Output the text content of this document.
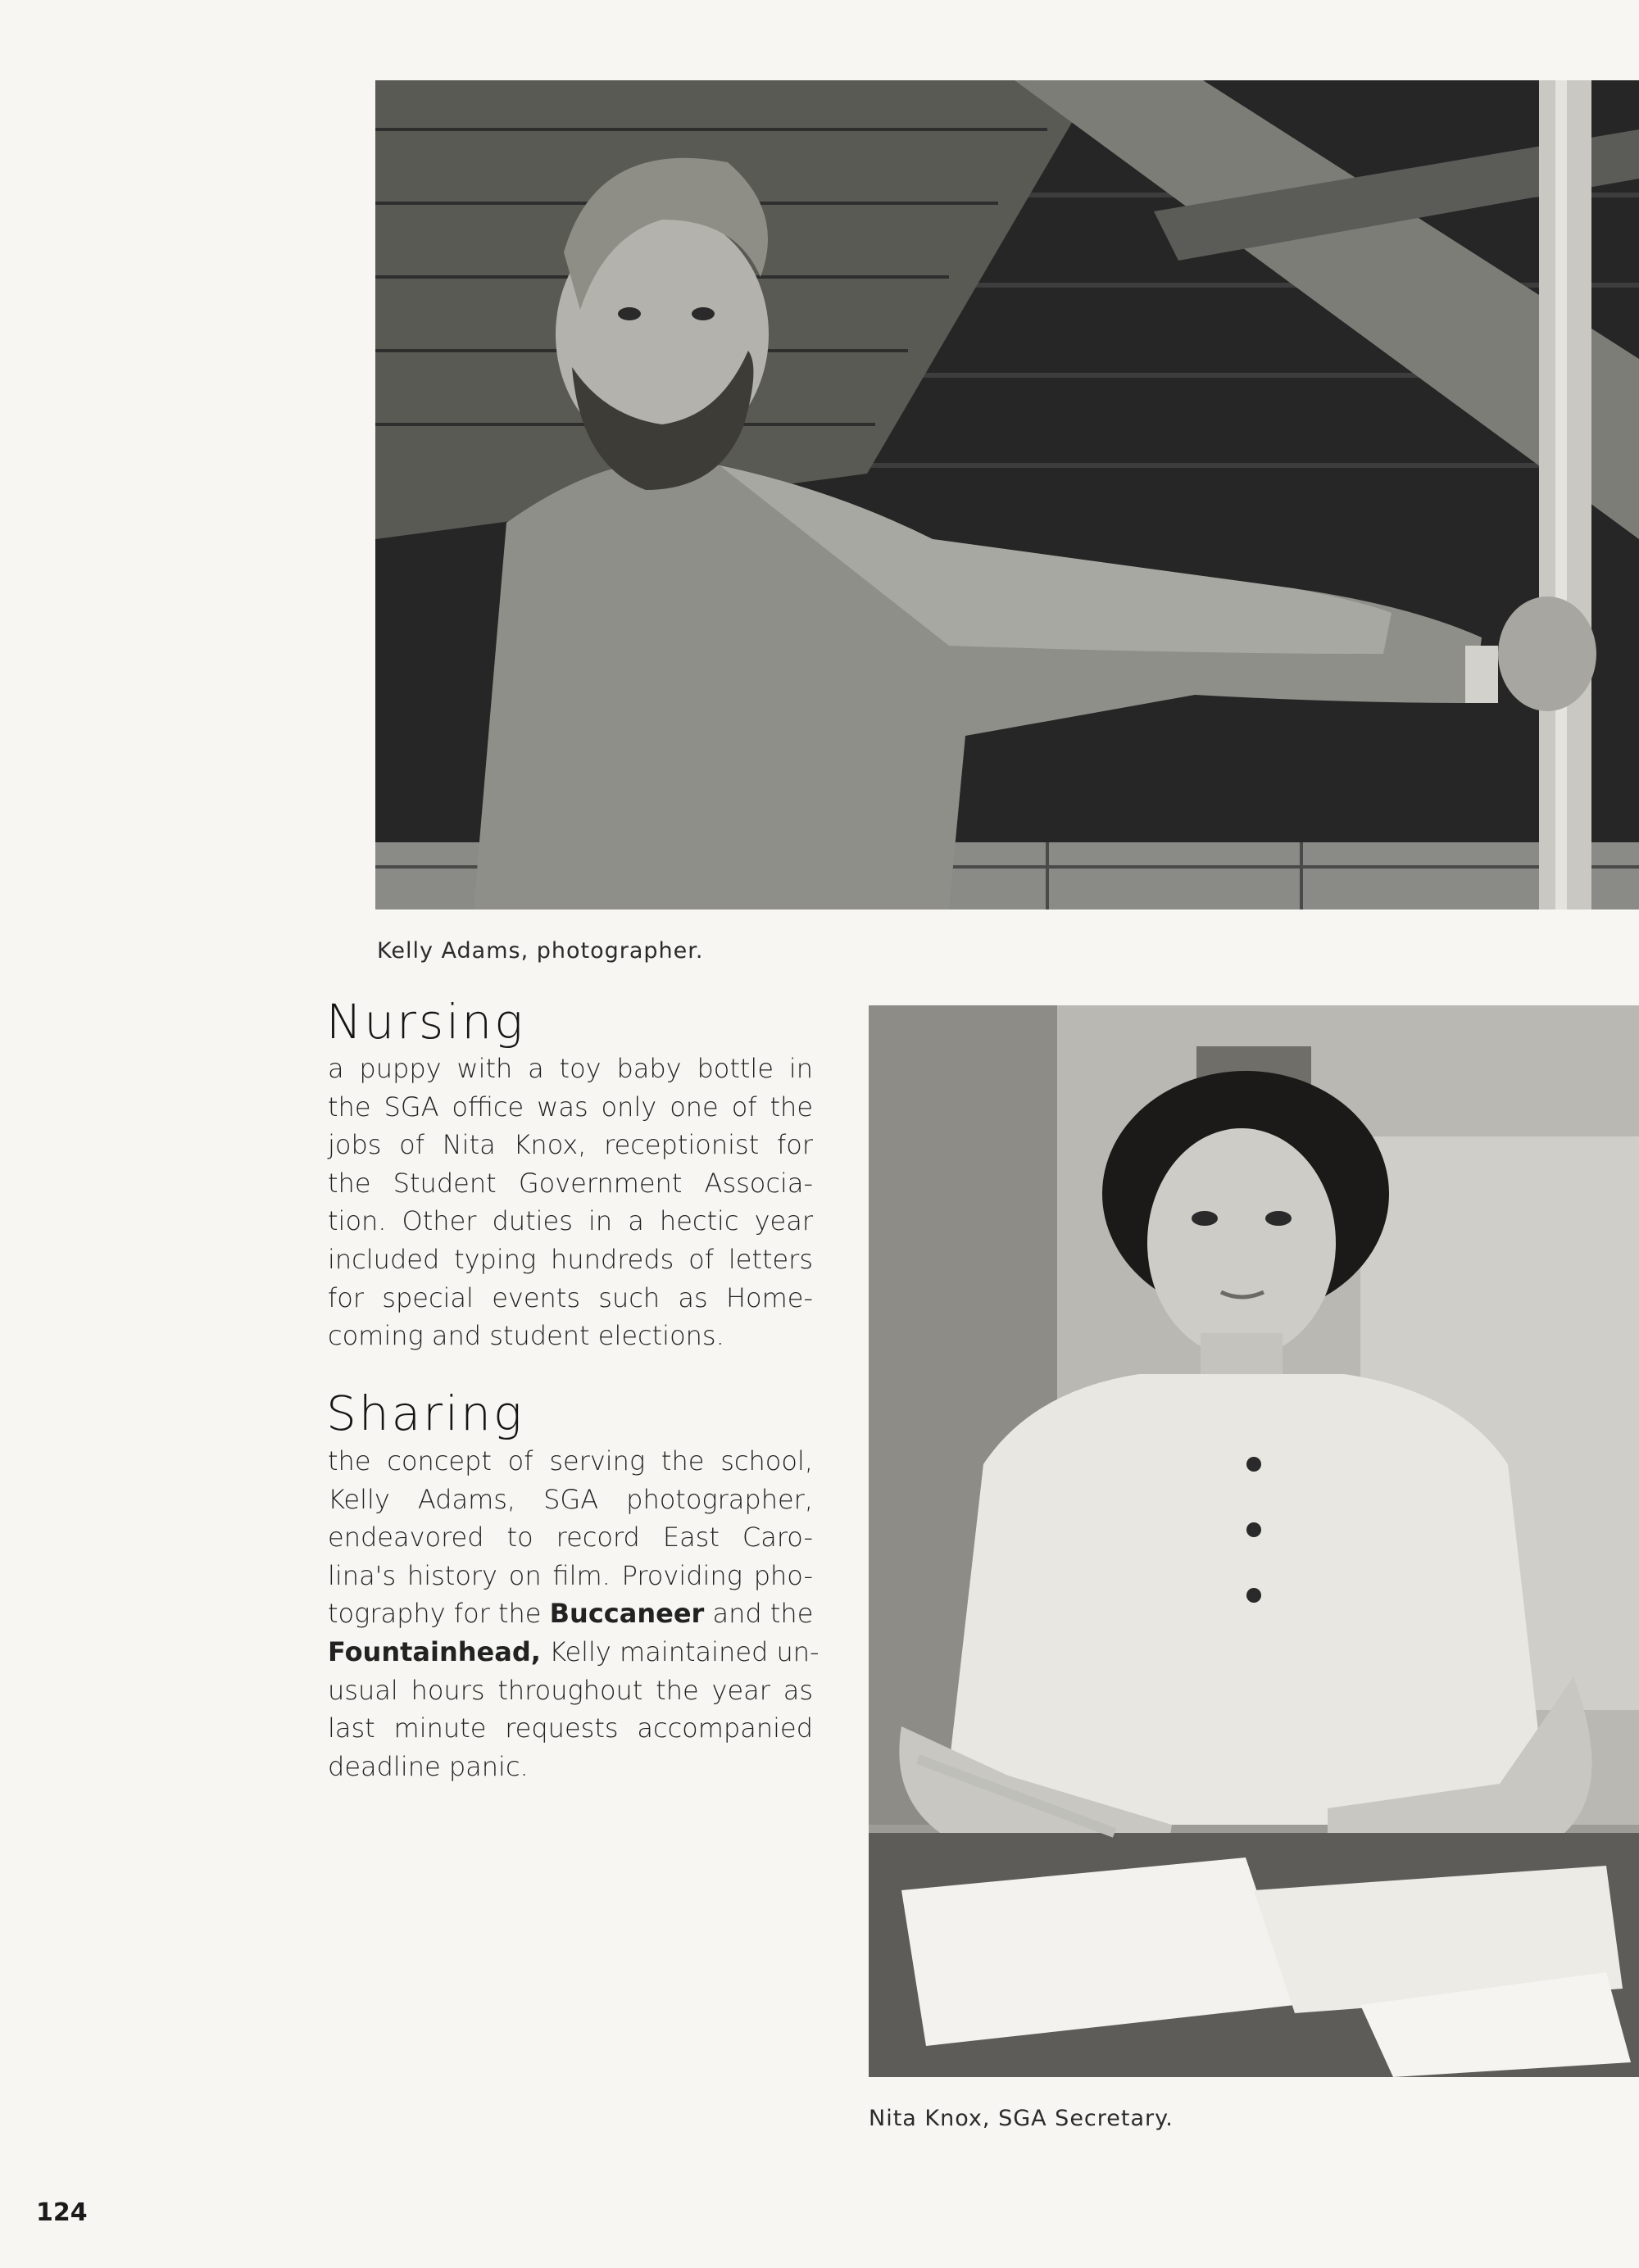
Kelly Adams, photographer.
Nursing
a puppy with a toy baby bottle in
the SGA office was only one of the
jobs of Nita Knox, receptionist for
the Student Government Associa-
tion. Other duties in a hectic year
included typing hundreds of letters
for special events such as Home-
coming and student elections.
Sharing
the concept of serving the school,
Kelly Adams, SGA photographer,
endeavored to record East Caro-
lina's history on film. Providing pho-
tography for the Buccaneer and the
Fountainhead, Kelly maintained un-
usual hours throughout the year as
last minute requests accompanied
deadline panic.
Nita Knox, SGA Secretary.
124
